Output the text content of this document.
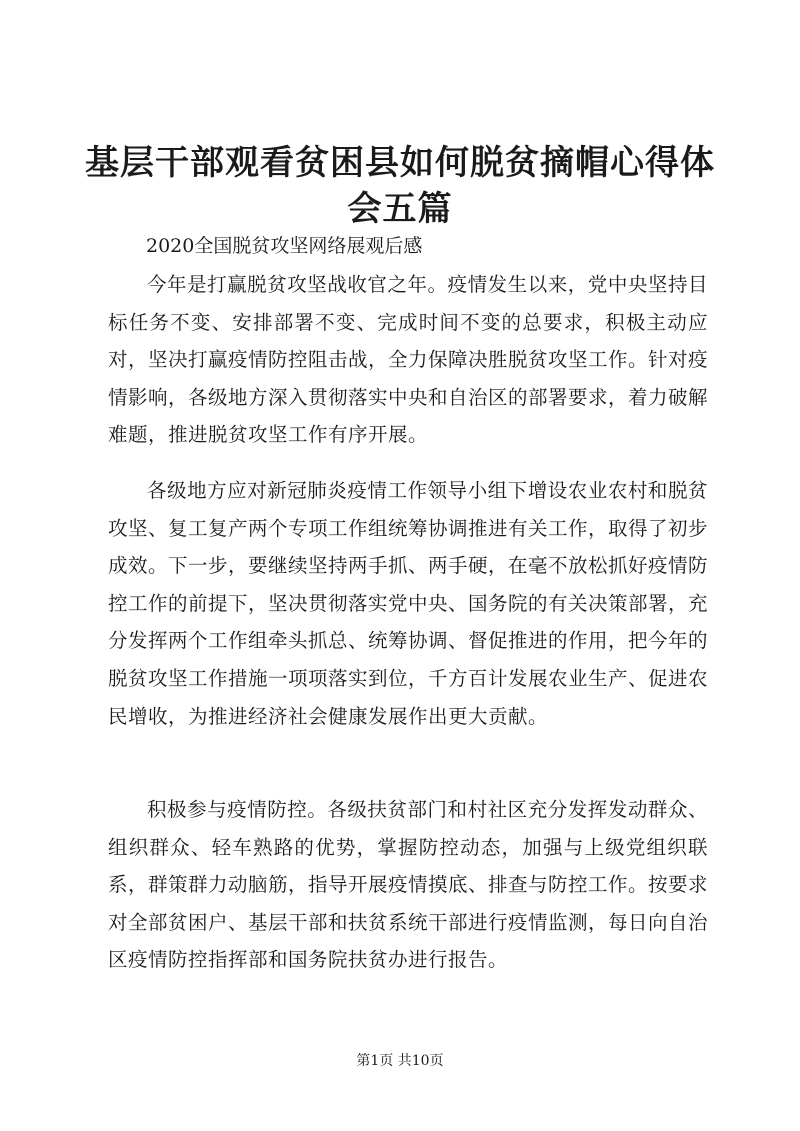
基层干部观看贫困县如何脱贫摘帽心得体会五篇

2020全国脱贫攻坚网络展观后感

今年是打赢脱贫攻坚战收官之年。疫情发生以来，党中央坚持目标任务不变、安排部署不变、完成时间不变的总要求，积极主动应对，坚决打赢疫情防控阻击战，全力保障决胜脱贫攻坚工作。针对疫情影响，各级地方深入贯彻落实中央和自治区的部署要求，着力破解难题，推进脱贫攻坚工作有序开展。

各级地方应对新冠肺炎疫情工作领导小组下增设农业农村和脱贫攻坚、复工复产两个专项工作组统筹协调推进有关工作，取得了初步成效。下一步，要继续坚持两手抓、两手硬，在毫不放松抓好疫情防控工作的前提下，坚决贯彻落实党中央、国务院的有关决策部署，充分发挥两个工作组牵头抓总、统筹协调、督促推进的作用，把今年的脱贫攻坚工作措施一项项落实到位，千方百计发展农业生产、促进农民增收，为推进经济社会健康发展作出更大贡献。

积极参与疫情防控。各级扶贫部门和村社区充分发挥发动群众、组织群众、轻车熟路的优势，掌握防控动态，加强与上级党组织联系，群策群力动脑筋，指导开展疫情摸底、排查与防控工作。按要求对全部贫困户、基层干部和扶贫系统干部进行疫情监测，每日向自治区疫情防控指挥部和国务院扶贫办进行报告。

第1页 共10页
